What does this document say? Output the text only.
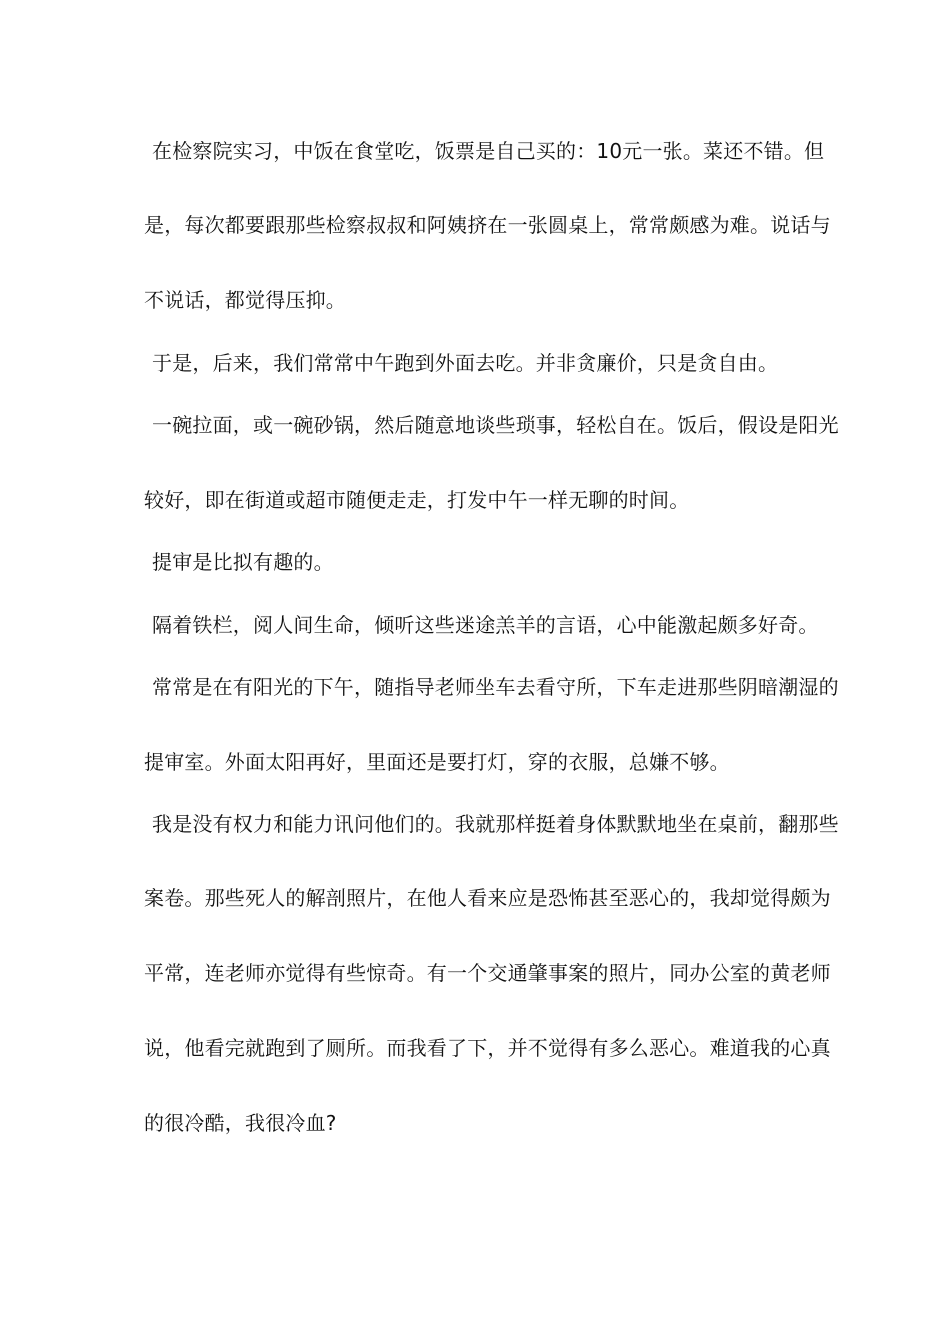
在检察院实习，中饭在食堂吃，饭票是自己买的：10元一张。菜还不错。但
是，每次都要跟那些检察叔叔和阿姨挤在一张圆桌上，常常颇感为难。说话与
不说话，都觉得压抑。
于是，后来，我们常常中午跑到外面去吃。并非贪廉价，只是贪自由。
一碗拉面，或一碗砂锅，然后随意地谈些琐事，轻松自在。饭后，假设是阳光
较好，即在街道或超市随便走走，打发中午一样无聊的时间。
提审是比拟有趣的。
隔着铁栏，阅人间生命，倾听这些迷途羔羊的言语，心中能激起颇多好奇。
常常是在有阳光的下午，随指导老师坐车去看守所，下车走进那些阴暗潮湿的
提审室。外面太阳再好，里面还是要打灯，穿的衣服，总嫌不够。
我是没有权力和能力讯问他们的。我就那样挺着身体默默地坐在桌前，翻那些
案卷。那些死人的解剖照片，在他人看来应是恐怖甚至恶心的，我却觉得颇为
平常，连老师亦觉得有些惊奇。有一个交通肇事案的照片，同办公室的黄老师
说，他看完就跑到了厕所。而我看了下，并不觉得有多么恶心。难道我的心真
的很冷酷，我很冷血?
